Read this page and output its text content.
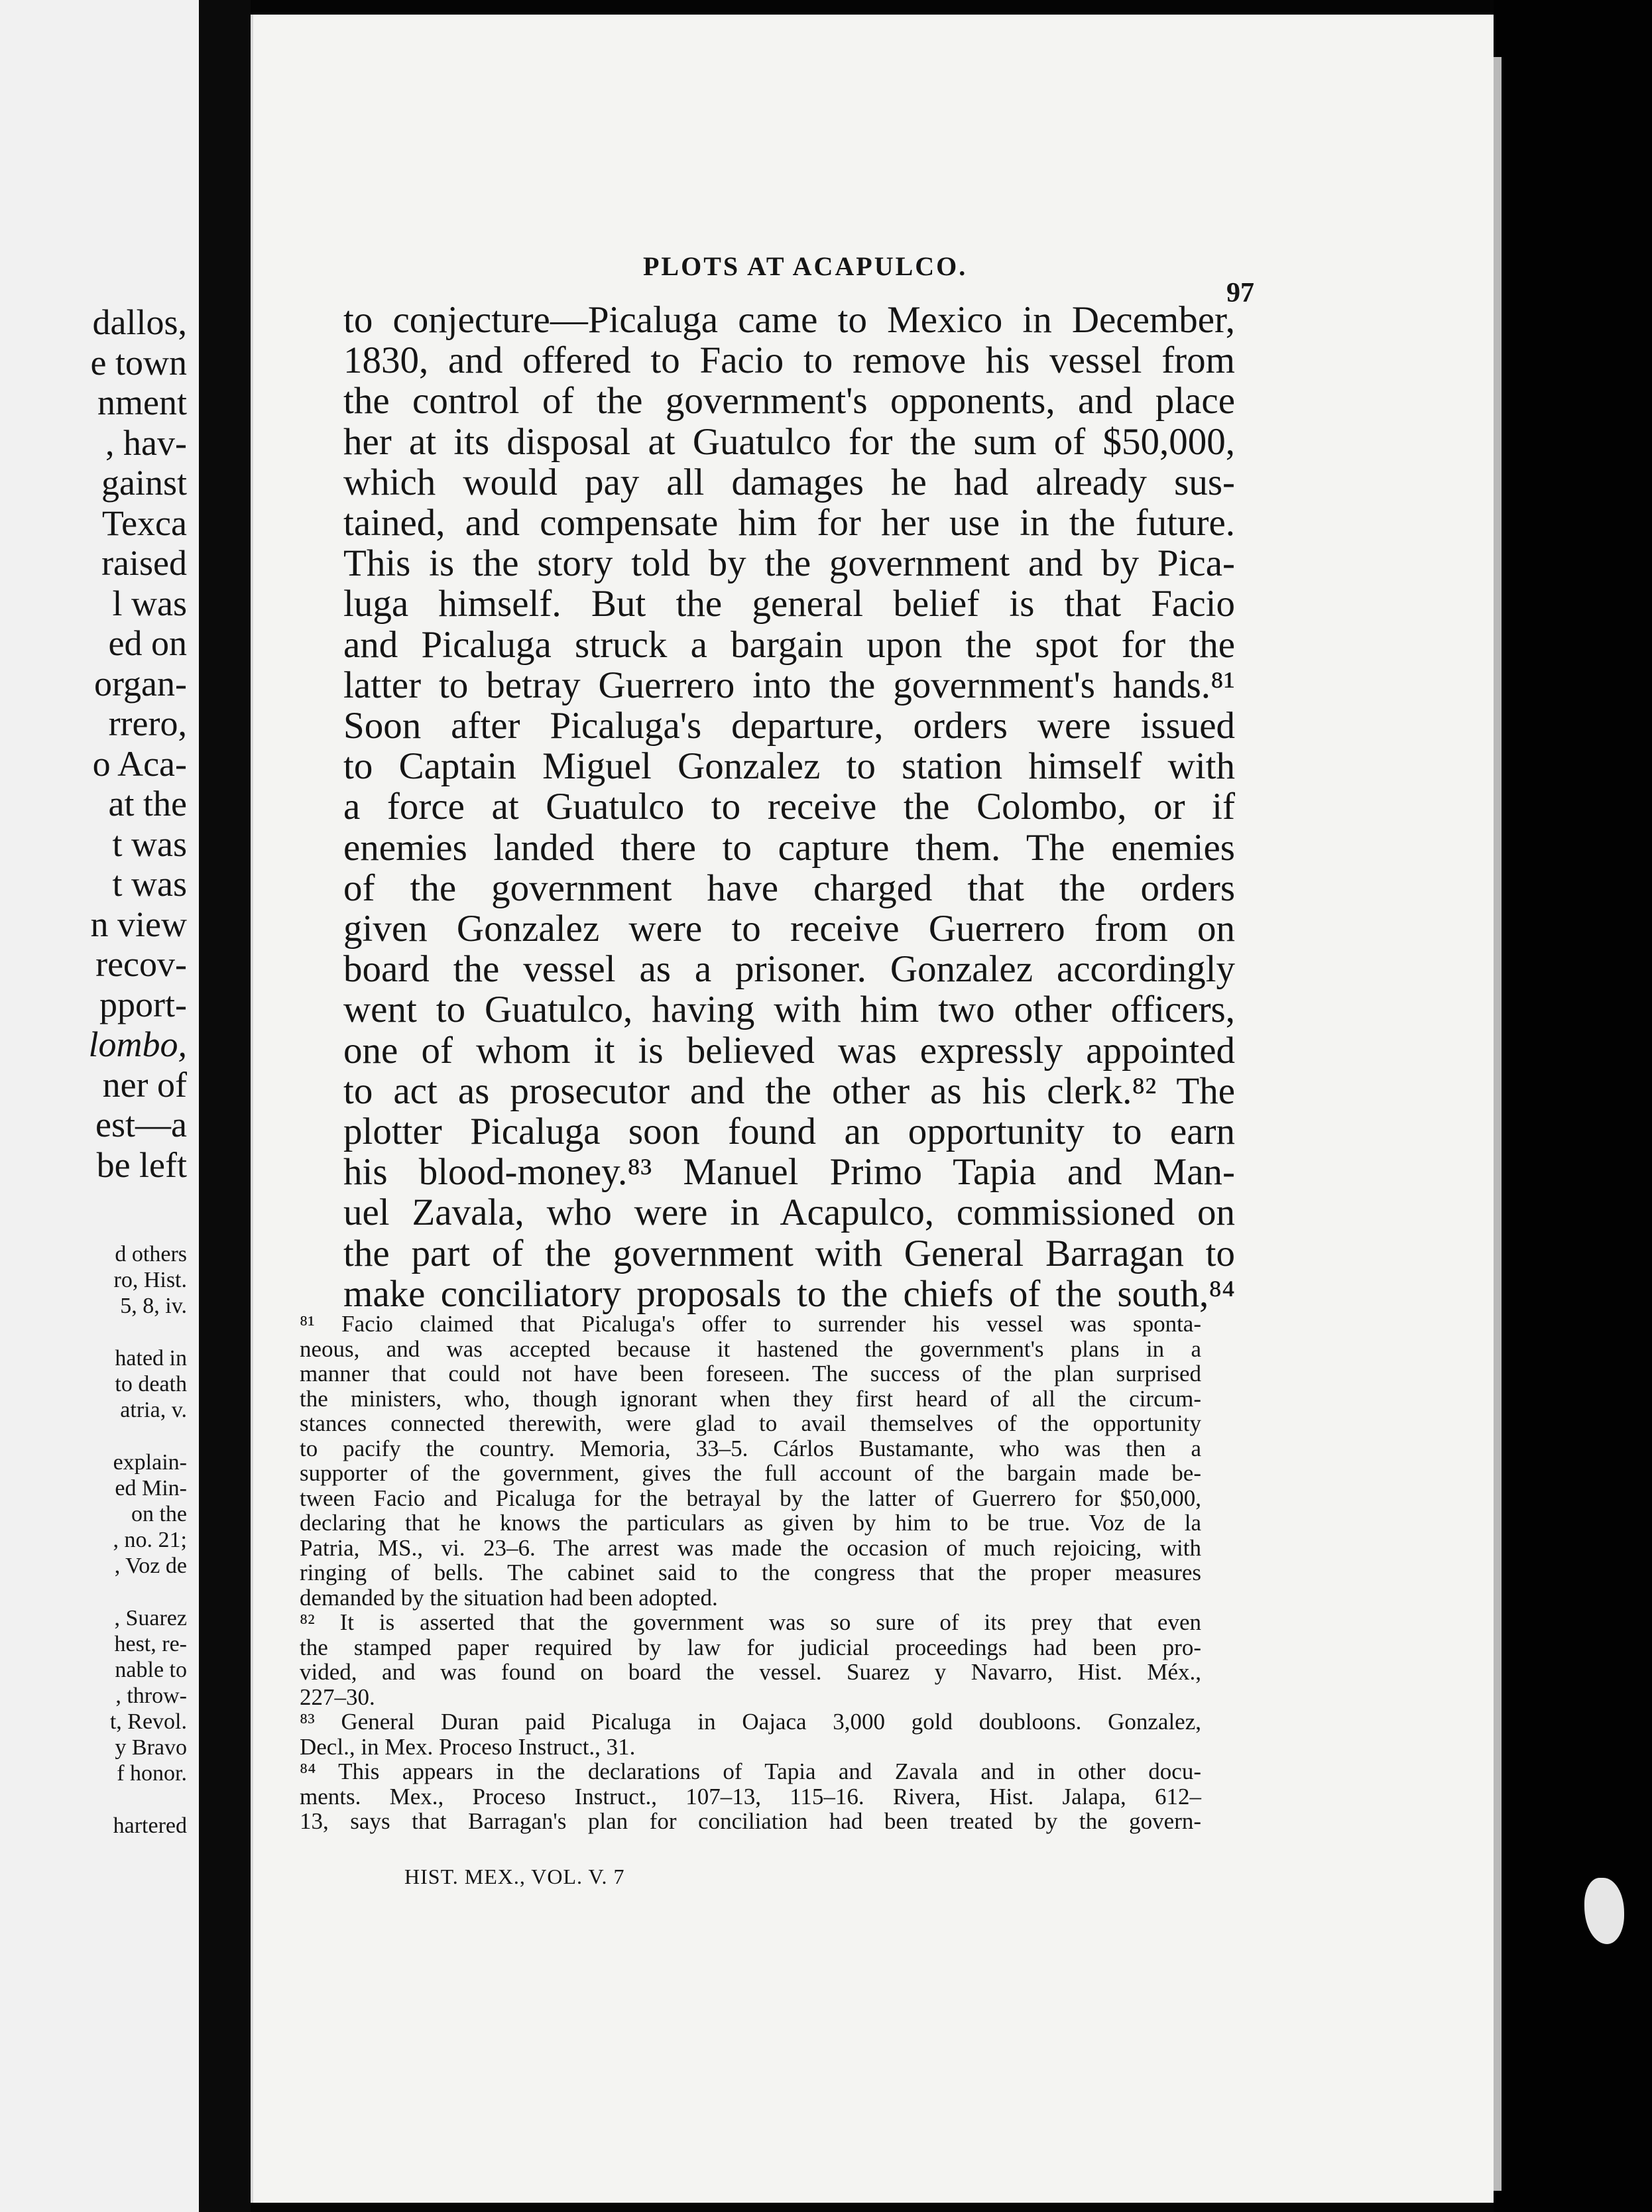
dallos,
e town
nment
, hav-
gainst
Texca
raised
l was
ed on
organ-
rrero,
o Aca-
at the
t was
t was
n view
recov-
pport-
lombo,
ner of
est—a
be left
d others
ro, Hist.
5, 8, iv.
hated in
to death
atria, v.
explain-
ed Min-
on the
, no. 21;
, Voz de
, Suarez
hest, re-
nable to
, throw-
t, Revol.
y Bravo
f honor.
hartered
PLOTS AT ACAPULCO.
97
to conjecture—Picaluga came to Mexico in December,
1830, and offered to Facio to remove his vessel from
the control of the government's opponents, and place
her at its disposal at Guatulco for the sum of $50,000,
which would pay all damages he had already sus-
tained, and compensate him for her use in the future.
This is the story told by the government and by Pica-
luga himself. But the general belief is that Facio
and Picaluga struck a bargain upon the spot for the
latter to betray Guerrero into the government's hands.⁸¹
Soon after Picaluga's departure, orders were issued
to Captain Miguel Gonzalez to station himself with
a force at Guatulco to receive the Colombo, or if
enemies landed there to capture them. The enemies
of the government have charged that the orders
given Gonzalez were to receive Guerrero from on
board the vessel as a prisoner. Gonzalez accordingly
went to Guatulco, having with him two other officers,
one of whom it is believed was expressly appointed
to act as prosecutor and the other as his clerk.⁸² The
plotter Picaluga soon found an opportunity to earn
his blood-money.⁸³ Manuel Primo Tapia and Man-
uel Zavala, who were in Acapulco, commissioned on
the part of the government with General Barragan to
make conciliatory proposals to the chiefs of the south,⁸⁴
⁸¹ Facio claimed that Picaluga's offer to surrender his vessel was sponta-
neous, and was accepted because it hastened the government's plans in a
manner that could not have been foreseen. The success of the plan surprised
the ministers, who, though ignorant when they first heard of all the circum-
stances connected therewith, were glad to avail themselves of the opportunity
to pacify the country. Memoria, 33–5. Cárlos Bustamante, who was then a
supporter of the government, gives the full account of the bargain made be-
tween Facio and Picaluga for the betrayal by the latter of Guerrero for $50,000,
declaring that he knows the particulars as given by him to be true. Voz de la
Patria, MS., vi. 23–6. The arrest was made the occasion of much rejoicing, with
ringing of bells. The cabinet said to the congress that the proper measures
demanded by the situation had been adopted.
⁸² It is asserted that the government was so sure of its prey that even
the stamped paper required by law for judicial proceedings had been pro-
vided, and was found on board the vessel. Suarez y Navarro, Hist. Méx.,
227–30.
⁸³ General Duran paid Picaluga in Oajaca 3,000 gold doubloons. Gonzalez,
Decl., in Mex. Proceso Instruct., 31.
⁸⁴ This appears in the declarations of Tapia and Zavala and in other docu-
ments. Mex., Proceso Instruct., 107–13, 115–16. Rivera, Hist. Jalapa, 612–
13, says that Barragan's plan for conciliation had been treated by the govern-
HIST. MEX., VOL. V. 7
